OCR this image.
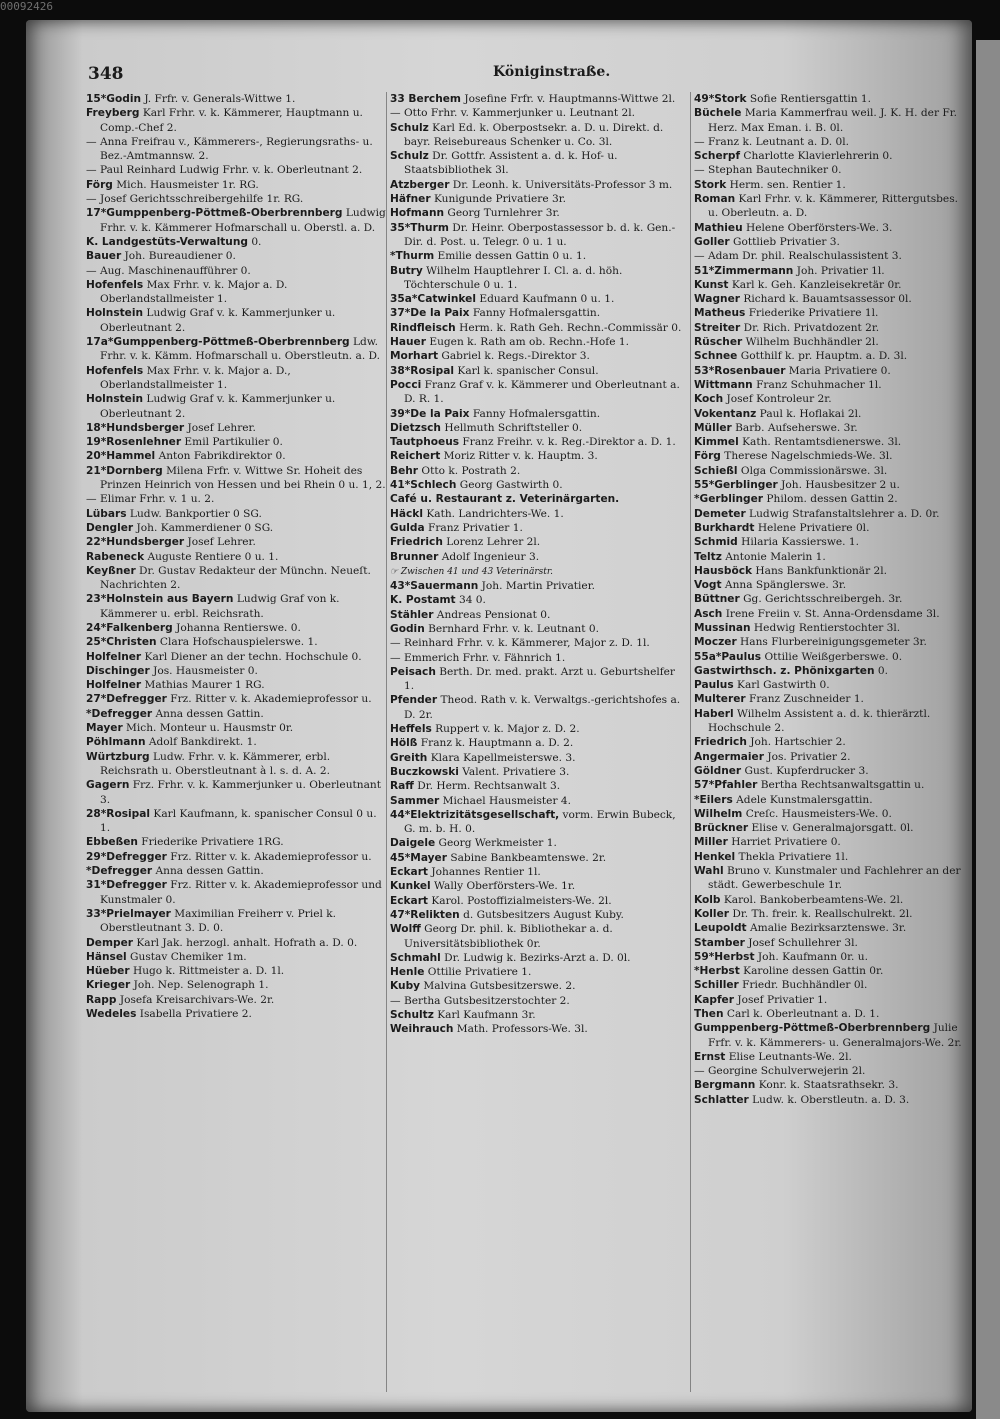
00092426
348	Königinstraße.

15*Godin J. Frfr. v. Generals-Wittwe 1.

Freyberg Karl Frhr. v. k. Kämmerer, Hauptmann u. Comp.-Chef 2.

— Anna Freifrau v., Kämmerers-, Regierungsraths- u. Bez.-Amtmannsw. 2.

— Paul Reinhard Ludwig Frhr. v. k. Oberleutnant 2.

Förg Mich. Hausmeister 1r. RG.

— Josef Gerichtsschreibergehilfe 1r. RG.

17*Gumppenberg-Pöttmeß-Oberbrennberg Ludwig Frhr. v. k. Kämmerer Hofmarschall u. Oberstl. a. D.

K. Landgestüts-Verwaltung 0.

Bauer Joh. Bureaudiener 0.

— Aug. Maschinenaufführer 0.

Hofenfels Max Frhr. v. k. Major a. D. Oberlandstallmeister 1.

Holnstein Ludwig Graf v. k. Kammerjunker u. Oberleutnant 2.

17a*Gumppenberg-Pöttmeß-Oberbrennberg Ldw. Frhr. v. k. Kämm. Hofmarschall u. Oberstleutn. a. D.

Hofenfels Max Frhr. v. k. Major a. D., Oberlandstallmeister 1.

Holnstein Ludwig Graf v. k. Kammerjunker u. Oberleutnant 2.

18*Hundsberger Josef Lehrer.

19*Rosenlehner Emil Partikulier 0.

20*Hammel Anton Fabrikdirektor 0.

21*Dornberg Milena Frfr. v. Wittwe Sr. Hoheit des Prinzen Heinrich von Hessen und bei Rhein 0 u. 1, 2.

— Elimar Frhr. v. 1 u. 2.

Lübars Ludw. Bankportier 0 SG.

Dengler Joh. Kammerdiener 0 SG.

22*Hundsberger Josef Lehrer.

Rabeneck Auguste Rentiere 0 u. 1.

Keyßner Dr. Gustav Redakteur der Münchn. Neueſt. Nachrichten 2.

23*Holnstein aus Bayern Ludwig Graf von k. Kämmerer u. erbl. Reichsrath.

24*Falkenberg Johanna Rentierswe. 0.

25*Christen Clara Hofschauspielerswe. 1.

Holfelner Karl Diener an der techn. Hochschule 0.

Dischinger Jos. Hausmeister 0.

Holfelner Mathias Maurer 1 RG.

27*Defregger Frz. Ritter v. k. Akademieprofessor u.

*Defregger Anna dessen Gattin.

Mayer Mich. Monteur u. Hausmstr 0r.

Pöhlmann Adolf Bankdirekt. 1.

Würtzburg Ludw. Frhr. v. k. Kämmerer, erbl. Reichsrath u. Oberstleutnant à l. s. d. A. 2.

Gagern Frz. Frhr. v. k. Kammerjunker u. Oberleutnant 3.

28*Rosipal Karl Kaufmann, k. spanischer Consul 0 u. 1.

Ebbeßen Friederike Privatiere 1RG.

29*Defregger Frz. Ritter v. k. Akademieprofessor u.

*Defregger Anna dessen Gattin.

31*Defregger Frz. Ritter v. k. Akademieprofessor und Kunstmaler 0.

33*Prielmayer Maximilian Freiherr v. Priel k. Oberstleutnant 3. D. 0.

Demper Karl Jak. herzogl. anhalt. Hofrath a. D. 0.

Hänsel Gustav Chemiker 1m.

Hüeber Hugo k. Rittmeister a. D. 1l.

Krieger Joh. Nep. Selenograph 1.

Rapp Josefa Kreisarchivars-We. 2r.

Wedeles Isabella Privatiere 2.

33 Berchem Josefine Frfr. v. Hauptmanns-Wittwe 2l.

— Otto Frhr. v. Kammerjunker u. Leutnant 2l.

Schulz Karl Ed. k. Oberpostsekr. a. D. u. Direkt. d. bayr. Reisebureaus Schenker u. Co. 3l.

Schulz Dr. Gottfr. Assistent a. d. k. Hof- u. Staatsbibliothek 3l.

Atzberger Dr. Leonh. k. Universitäts-Professor 3 m.

Häfner Kunigunde Privatiere 3r.

Hofmann Georg Turnlehrer 3r.

35*Thurm Dr. Heinr. Oberpostassessor b. d. k. Gen.-Dir. d. Post. u. Telegr. 0 u. 1 u.

*Thurm Emilie dessen Gattin 0 u. 1.

Butry Wilhelm Hauptlehrer I. Cl. a. d. höh. Töchterschule 0 u. 1.

35a*Catwinkel Eduard Kaufmann 0 u. 1.

37*De la Paix Fanny Hofmalersgattin.

Rindfleisch Herm. k. Rath Geh. Rechn.-Commissär 0.

Hauer Eugen k. Rath am ob. Rechn.-Hofe 1.

Morhart Gabriel k. Regs.-Direktor 3.

38*Rosipal Karl k. spanischer Consul.

Pocci Franz Graf v. k. Kämmerer und Oberleutnant a. D. R. 1.

39*De la Paix Fanny Hofmalersgattin.

Dietzsch Hellmuth Schriftsteller 0.

Tautphoeus Franz Freihr. v. k. Reg.-Direktor a. D. 1.

Reichert Moriz Ritter v. k. Hauptm. 3.

Behr Otto k. Postrath 2.

41*Schlech Georg Gastwirth 0.

Café u. Restaurant z. Veterinärgarten.

Häckl Kath. Landrichters-We. 1.

Gulda Franz Privatier 1.

Friedrich Lorenz Lehrer 2l.

Brunner Adolf Ingenieur 3.

☞ Zwischen 41 und 43 Veterinärstr.

43*Sauermann Joh. Martin Privatier.

K. Postamt 34 0.

Stähler Andreas Pensionat 0.

Godin Bernhard Frhr. v. k. Leutnant 0.

— Reinhard Frhr. v. k. Kämmerer, Major z. D. 1l.

— Emmerich Frhr. v. Fähnrich 1.

Peisach Berth. Dr. med. prakt. Arzt u. Geburtshelfer 1.

Pfender Theod. Rath v. k. Verwaltgs.-gerichtshofes a. D. 2r.

Heffels Ruppert v. k. Major z. D. 2.

Hölß Franz k. Hauptmann a. D. 2.

Greith Klara Kapellmeisterswe. 3.

Buczkowski Valent. Privatiere 3.

Raff Dr. Herm. Rechtsanwalt 3.

Sammer Michael Hausmeister 4.

44*Elektrizitätsgesellschaft, vorm. Erwin Bubeck, G. m. b. H. 0.

Daigele Georg Werkmeister 1.

45*Mayer Sabine Bankbeamtenswe. 2r.

Eckart Johannes Rentier 1l.

Kunkel Wally Oberförsters-We. 1r.

Eckart Karol. Postoffizialmeisters-We. 2l.

47*Relikten d. Gutsbesitzers August Kuby.

Wolff Georg Dr. phil. k. Bibliothekar a. d. Universitätsbibliothek 0r.

Schmahl Dr. Ludwig k. Bezirks-Arzt a. D. 0l.

Henle Ottilie Privatiere 1.

Kuby Malvina Gutsbesitzerswe. 2.

— Bertha Gutsbesitzerstochter 2.

Schultz Karl Kaufmann 3r.

Weihrauch Math. Professors-We. 3l.

49*Stork Sofie Rentiersgattin 1.

Büchele Maria Kammerfrau weil. J. K. H. der Fr. Herz. Max Eman. i. B. 0l.

— Franz k. Leutnant a. D. 0l.

Scherpf Charlotte Klavierlehrerin 0.

— Stephan Bautechniker 0.

Stork Herm. sen. Rentier 1.

Roman Karl Frhr. v. k. Kämmerer, Rittergutsbes. u. Oberleutn. a. D.

Mathieu Helene Oberförsters-We. 3.

Goller Gottlieb Privatier 3.

— Adam Dr. phil. Realschulassistent 3.

51*Zimmermann Joh. Privatier 1l.

Kunst Karl k. Geh. Kanzleisekretär 0r.

Wagner Richard k. Bauamtsassessor 0l.

Matheus Friederike Privatiere 1l.

Streiter Dr. Rich. Privatdozent 2r.

Rüscher Wilhelm Buchhändler 2l.

Schnee Gotthilf k. pr. Hauptm. a. D. 3l.

53*Rosenbauer Maria Privatiere 0.

Wittmann Franz Schuhmacher 1l.

Koch Josef Kontroleur 2r.

Vokentanz Paul k. Hoflakai 2l.

Müller Barb. Aufseherswe. 3r.

Kimmel Kath. Rentamtsdienerswe. 3l.

Förg Therese Nagelschmieds-We. 3l.

Schießl Olga Commissionärswe. 3l.

55*Gerblinger Joh. Hausbesitzer 2 u.

*Gerblinger Philom. dessen Gattin 2.

Demeter Ludwig Strafanstaltslehrer a. D. 0r.

Burkhardt Helene Privatiere 0l.

Schmid Hilaria Kassierswe. 1.

Teltz Antonie Malerin 1.

Hausböck Hans Bankfunktionär 2l.

Vogt Anna Spänglerswe. 3r.

Büttner Gg. Gerichtsschreibergeh. 3r.

Asch Irene Freiin v. St. Anna-Ordensdame 3l.

Mussinan Hedwig Rentierstochter 3l.

Moczer Hans Flurbereinigungsgemeter 3r.

55a*Paulus Ottilie Weißgerberswe. 0.

Gastwirthsch. z. Phönixgarten 0.

Paulus Karl Gastwirth 0.

Multerer Franz Zuschneider 1.

Haberl Wilhelm Assistent a. d. k. thierärztl. Hochschule 2.

Friedrich Joh. Hartschier 2.

Angermaier Jos. Privatier 2.

Göldner Gust. Kupferdrucker 3.

57*Pfahler Bertha Rechtsanwaltsgattin u.

*Eilers Adele Kunstmalersgattin.

Wilhelm Creſc. Hausmeisters-We. 0.

Brückner Elise v. Generalmajorsgatt. 0l.

Miller Harriet Privatiere 0.

Henkel Thekla Privatiere 1l.

Wahl Bruno v. Kunstmaler und Fachlehrer an der städt. Gewerbeschule 1r.

Kolb Karol. Bankoberbeamtens-We. 2l.

Koller Dr. Th. freir. k. Reallschulrekt. 2l.

Leupoldt Amalie Bezirksarztenswe. 3r.

Stamber Josef Schullehrer 3l.

59*Herbst Joh. Kaufmann 0r. u.

*Herbst Karoline dessen Gattin 0r.

Schiller Friedr. Buchhändler 0l.

Kapfer Josef Privatier 1.

Then Carl k. Oberleutnant a. D. 1.

Gumppenberg-Pöttmeß-Oberbrennberg Julie Frfr. v. k. Kämmerers- u. Generalmajors-We. 2r.

Ernst Elise Leutnants-We. 2l.

— Georgine Schulverwejerin 2l.

Bergmann Konr. k. Staatsrathsekr. 3.

Schlatter Ludw. k. Oberstleutn. a. D. 3.
